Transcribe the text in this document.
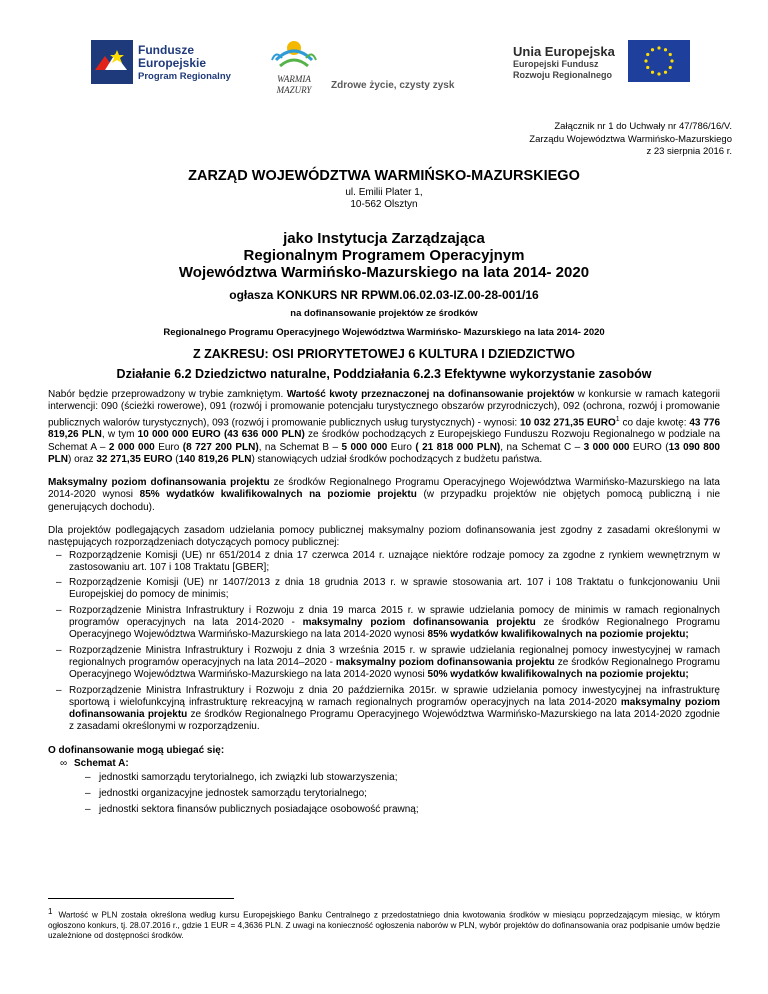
Fundusze
Europejskie
Program Regionalny	WARMIA
MAZURY Zdrowe życie, czysty zysk
Unia Europejska
Europejski Fundusz
Rozwoju Regionalnego
Załącznik nr 1 do Uchwały nr 47/786/16/V.
Zarządu Województwa Warmińsko-Mazurskiego
z 23 sierpnia 2016 r.
ZARZĄD WOJEWÓDZTWA WARMIŃSKO-MAZURSKIEGO
ul. Emilii Plater 1,
10-562 Olsztyn
jako Instytucja Zarządzająca
Regionalnym Programem Operacyjnym
Województwa Warmińsko-Mazurskiego na lata 2014- 2020
ogłasza KONKURS NR RPWM.06.02.03-IZ.00-28-001/16
na dofinansowanie projektów ze środków
Regionalnego Programu Operacyjnego Województwa Warmińsko- Mazurskiego na lata 2014- 2020
Z ZAKRESU: OSI PRIORYTETOWEJ 6 KULTURA I DZIEDZICTWO
Działanie 6.2 Dziedzictwo naturalne, Poddziałania 6.2.3 Efektywne wykorzystanie zasobów

Nabór będzie przeprowadzony w trybie zamkniętym. Wartość kwoty przeznaczonej na dofinansowanie projektów w konkursie w ramach kategorii interwencji: 090 (ścieżki rowerowe), 091 (rozwój i promowanie potencjału turystycznego obszarów przyrodniczych), 092 (ochrona, rozwój i promowanie publicznych walorów turystycznych), 093 (rozwój i promowanie publicznych usług turystycznych) - wynosi: 10 032 271,35 EURO$^1$ co daje kwotę: 43 776 819,26 PLN, w tym 10 000 000 EURO (43 636 000 PLN) ze środków pochodzących z Europejskiego Funduszu Rozwoju Regionalnego w podziale na Schemat A – 2 000 000 Euro (8 727 200 PLN), na Schemat B – 5 000 000 Euro ( 21 818 000 PLN), na Schemat C – 3 000 000 EURO (13 090 800 PLN) oraz 32 271,35 EURO (140 819,26 PLN) stanowiących udział środków pochodzących z budżetu państwa.

Maksymalny poziom dofinansowania projektu ze środków Regionalnego Programu Operacyjnego Województwa Warmińsko-Mazurskiego na lata 2014-2020 wynosi 85% wydatków kwalifikowalnych na poziomie projektu (w przypadku projektów nie objętych pomocą publiczną i nie generujących dochodu).

Dla projektów podlegających zasadom udzielania pomocy publicznej maksymalny poziom dofinansowania jest zgodny z zasadami określonymi w następujących rozporządzeniach dotyczących pomocy publicznej:

– Rozporządzenie Komisji (UE) nr 651/2014 z dnia 17 czerwca 2014 r. uznające niektóre rodzaje pomocy za zgodne z rynkiem wewnętrznym w zastosowaniu art. 107 i 108 Traktatu [GBER];
– Rozporządzenie Komisji (UE) nr 1407/2013 z dnia 18 grudnia 2013 r. w sprawie stosowania art. 107 i 108 Traktatu o funkcjonowaniu Unii Europejskiej do pomocy de minimis;
– Rozporządzenie Ministra Infrastruktury i Rozwoju z dnia 19 marca 2015 r. w sprawie udzielania pomocy de minimis w ramach regionalnych programów operacyjnych na lata 2014-2020 - maksymalny poziom dofinansowania projektu ze środków Regionalnego Programu Operacyjnego Województwa Warmińsko-Mazurskiego na lata 2014-2020 wynosi 85% wydatków kwalifikowalnych na poziomie projektu;
– Rozporządzenie Ministra Infrastruktury i Rozwoju z dnia 3 września 2015 r. w sprawie udzielania regionalnej pomocy inwestycyjnej w ramach regionalnych programów operacyjnych na lata 2014–2020 - maksymalny poziom dofinansowania projektu ze środków Regionalnego Programu Operacyjnego Województwa Warmińsko-Mazurskiego na lata 2014-2020 wynosi 50% wydatków kwalifikowalnych na poziomie projektu;
– Rozporządzenie Ministra Infrastruktury i Rozwoju z dnia 20 października 2015r. w sprawie udzielania pomocy inwestycyjnej na infrastrukturę sportową i wielofunkcyjną infrastrukturę rekreacyjną w ramach regionalnych programów operacyjnych na lata 2014-2020 maksymalny poziom dofinansowania projektu ze środków Regionalnego Programu Operacyjnego Województwa Warmińsko-Mazurskiego na lata 2014-2020 zgodnie z zasadami określonymi w rozporządzeniu.

O dofinansowanie mogą ubiegać się:

∞ Schemat A:
– jednostki samorządu terytorialnego, ich związki lub stowarzyszenia;
– jednostki organizacyjne jednostek samorządu terytorialnego;
– jednostki sektora finansów publicznych posiadające osobowość prawną;
$^1$ Wartość w PLN została określona według kursu Europejskiego Banku Centralnego z przedostatniego dnia kwotowania środków w miesiącu poprzedzającym miesiąc, w którym ogłoszono konkurs, tj. 28.07.2016 r., gdzie 1 EUR = 4,3636 PLN. Z uwagi na konieczność ogłoszenia naborów w PLN, wybór projektów do dofinansowania oraz podpisanie umów będzie uzależnione od dostępności środków.
